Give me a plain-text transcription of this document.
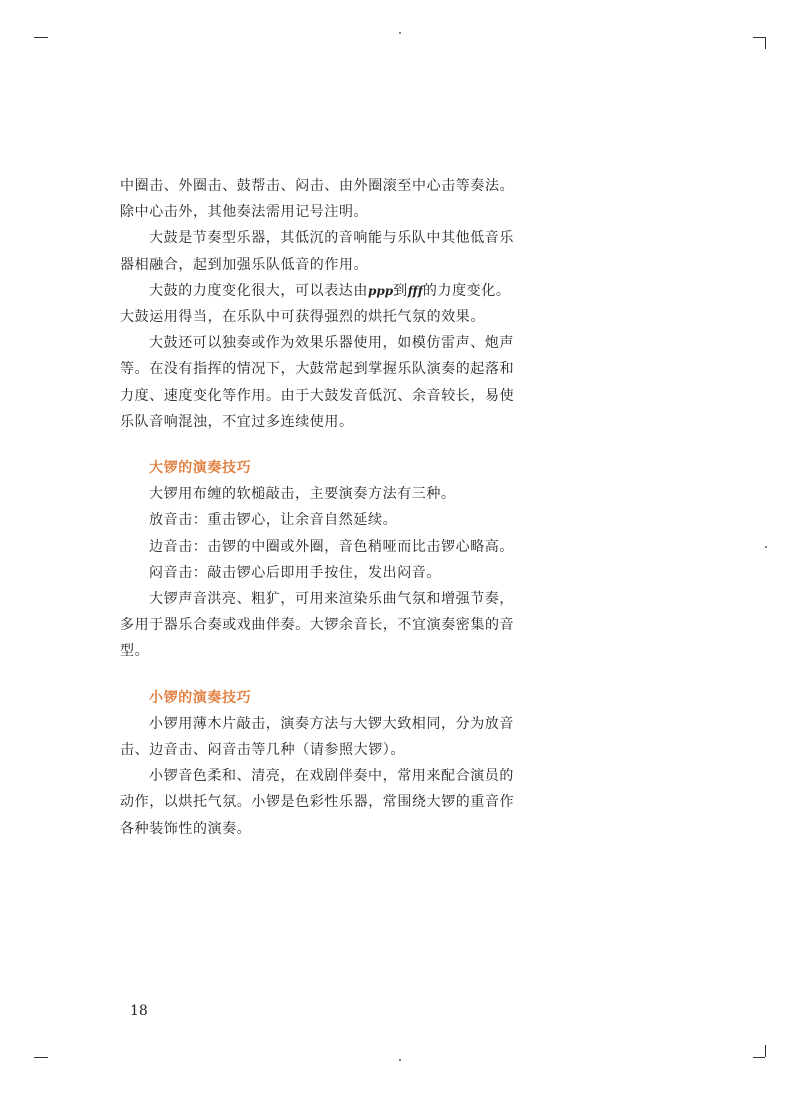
中圈击、外圈击、鼓帮击、闷击、由外圈滚至中心击等奏法。除中心击外，其他奏法需用记号注明。

大鼓是节奏型乐器，其低沉的音响能与乐队中其他低音乐器相融合，起到加强乐队低音的作用。

大鼓的力度变化很大，可以表达由ppp到fff的力度变化。大鼓运用得当，在乐队中可获得强烈的烘托气氛的效果。

大鼓还可以独奏或作为效果乐器使用，如模仿雷声、炮声等。在没有指挥的情况下，大鼓常起到掌握乐队演奏的起落和力度、速度变化等作用。由于大鼓发音低沉、余音较长，易使乐队音响混浊，不宜过多连续使用。

大锣的演奏技巧

大锣用布缠的软槌敲击，主要演奏方法有三种。

放音击：重击锣心，让余音自然延续。

边音击：击锣的中圈或外圈，音色稍哑而比击锣心略高。

闷音击：敲击锣心后即用手按住，发出闷音。

大锣声音洪亮、粗犷，可用来渲染乐曲气氛和增强节奏，多用于器乐合奏或戏曲伴奏。大锣余音长，不宜演奏密集的音型。

小锣的演奏技巧

小锣用薄木片敲击，演奏方法与大锣大致相同，分为放音击、边音击、闷音击等几种（请参照大锣）。

小锣音色柔和、清亮，在戏剧伴奏中，常用来配合演员的动作，以烘托气氛。小锣是色彩性乐器，常围绕大锣的重音作各种装饰性的演奏。

18
